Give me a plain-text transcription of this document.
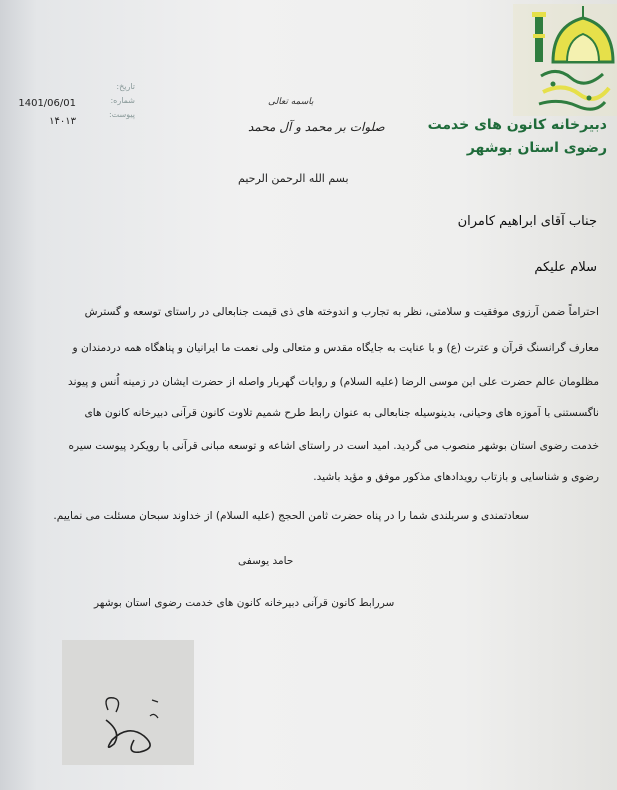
دبیرخانه کانون های خدمت
رضوی استان بوشهر
تاریخ:
شماره:
پیوست:
1401/06/01
۱۴۰۱۳
باسمه تعالی
صلوات بر محمد و آل محمد
بسم الله الرحمن الرحیم
جناب آقای ابراهیم کامران
سلام علیکم
احتراماً ضمن آرزوی موفقیت و سلامتی، نظر به تجارب و اندوخته های ذی قیمت جنابعالی در راستای توسعه و گسترش
معارف گرانسنگ قرآن و عترت (ع) و با عنایت به جایگاه مقدس و متعالی ولی نعمت ما ایرانیان و پناهگاه همه دردمندان و
مظلومان عالم حضرت علی ابن موسی الرضا (علیه السلام) و روایات گهربار واصله از حضرت ایشان در زمینه اُنس و پیوند
ناگسستنی با آموزه های وحیانی، بدینوسیله جنابعالی به عنوان رابط طرح شمیم تلاوت کانون قرآنی دبیرخانه کانون های
خدمت رضوی استان بوشهر منصوب می گردید. امید است در راستای اشاعه و توسعه مبانی قرآنی با رویکرد پیوست سیره
رضوی و شناسایی و بازتاب رویدادهای مذکور موفق و مؤید باشید.
سعادتمندی و سربلندی شما را در پناه حضرت ثامن الحجج (علیه السلام) از خداوند سبحان مسئلت می نماییم.
حامد یوسفی
سررابط کانون قرآنی دبیرخانه کانون های خدمت رضوی استان بوشهر
